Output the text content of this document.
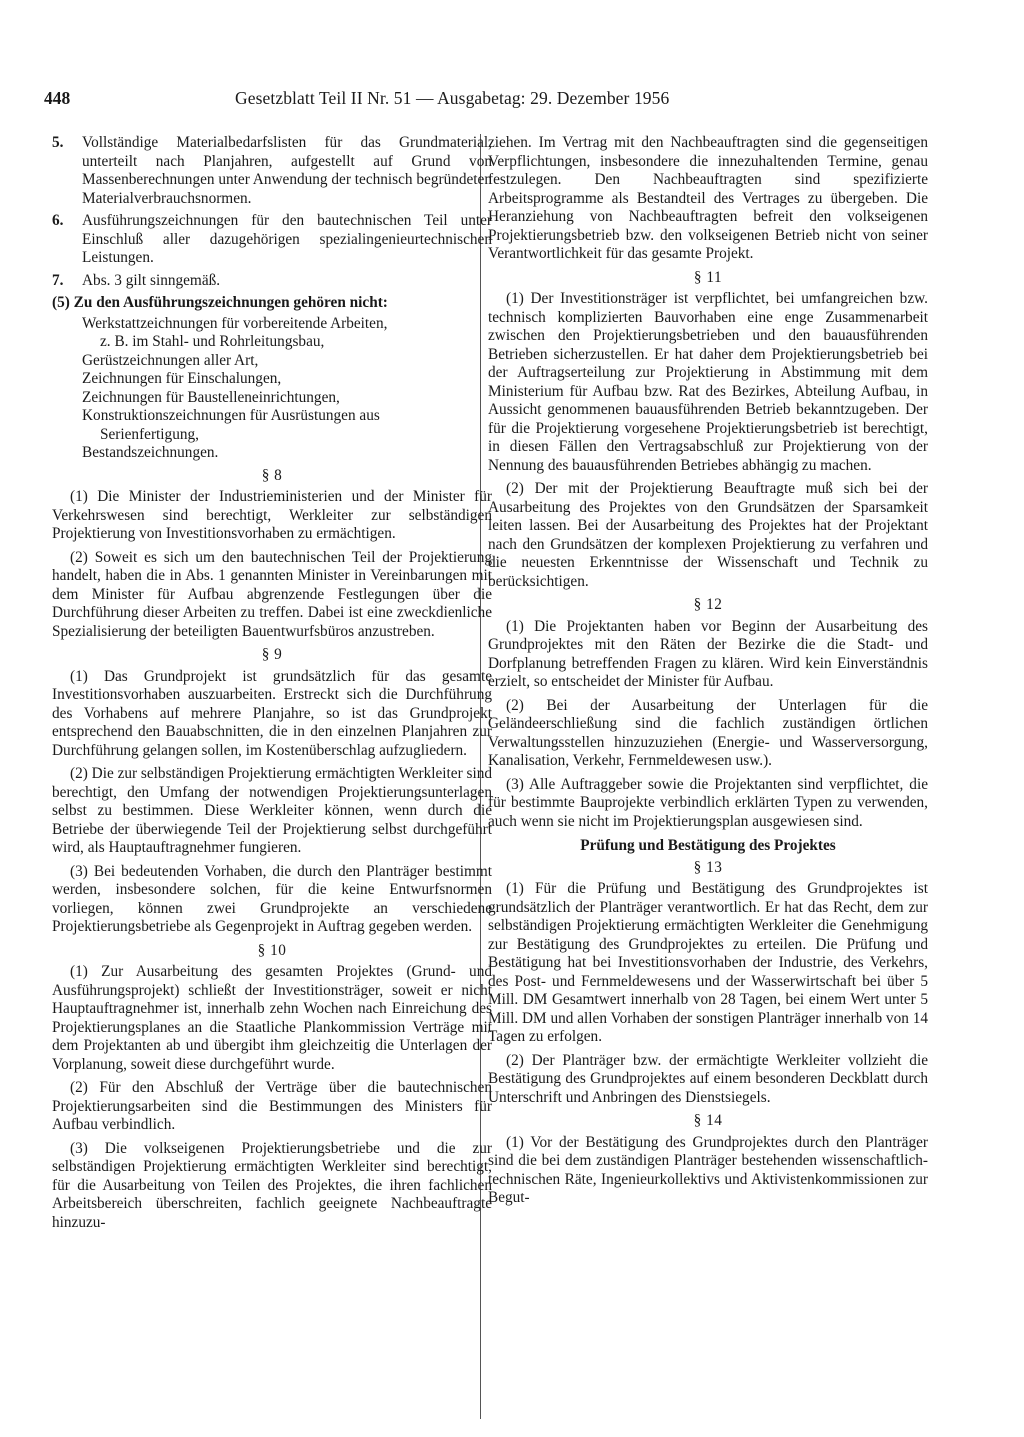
448	Gesetzblatt Teil II Nr. 51 — Ausgabetag: 29. Dezember 1956
5. Vollständige Materialbedarfslisten für das Grundmaterial, unterteilt nach Planjahren, aufgestellt auf Grund von Massenberechnungen unter Anwendung der technisch begründeten Materialverbrauchsnormen.
6. Ausführungszeichnungen für den bautechnischen Teil unter Einschluß aller dazugehörigen spezialingenieurtechnischen Leistungen.
7. Abs. 3 gilt sinngemäß.
(5) Zu den Ausführungszeichnungen gehören nicht:
Werkstattzeichnungen für vorbereitende Arbeiten,
z. B. im Stahl- und Rohrleitungsbau,
Gerüstzeichnungen aller Art,
Zeichnungen für Einschalungen,
Zeichnungen für Baustelleneinrichtungen,
Konstruktionszeichnungen für Ausrüstungen aus
Serienfertigung,
Bestandszeichnungen.
§ 8

(1) Die Minister der Industrieministerien und der Minister für Verkehrswesen sind berechtigt, Werkleiter zur selbständigen Projektierung von Investitionsvorhaben zu ermächtigen.

(2) Soweit es sich um den bautechnischen Teil der Projektierung handelt, haben die in Abs. 1 genannten Minister in Vereinbarungen mit dem Minister für Aufbau abgrenzende Festlegungen über die Durchführung dieser Arbeiten zu treffen. Dabei ist eine zweckdienliche Spezialisierung der beteiligten Bauentwurfsbüros anzustreben.

§ 9

(1) Das Grundprojekt ist grundsätzlich für das gesamte Investitionsvorhaben auszuarbeiten. Erstreckt sich die Durchführung des Vorhabens auf mehrere Planjahre, so ist das Grundprojekt entsprechend den Bauabschnitten, die in den einzelnen Planjahren zur Durchführung gelangen sollen, im Kostenüberschlag aufzugliedern.

(2) Die zur selbständigen Projektierung ermächtigten Werkleiter sind berechtigt, den Umfang der notwendigen Projektierungsunterlagen selbst zu bestimmen. Diese Werkleiter können, wenn durch die Betriebe der überwiegende Teil der Projektierung selbst durchgeführt wird, als Hauptauftragnehmer fungieren.

(3) Bei bedeutenden Vorhaben, die durch den Planträger bestimmt werden, insbesondere solchen, für die keine Entwurfsnormen vorliegen, können zwei Grundprojekte an verschiedene Projektierungsbetriebe als Gegenprojekt in Auftrag gegeben werden.

§ 10

(1) Zur Ausarbeitung des gesamten Projektes (Grund- und Ausführungsprojekt) schließt der Investitionsträger, soweit er nicht Hauptauftragnehmer ist, innerhalb zehn Wochen nach Einreichung des Projektierungsplanes an die Staatliche Plankommission Verträge mit dem Projektanten ab und übergibt ihm gleichzeitig die Unterlagen der Vorplanung, soweit diese durchgeführt wurde.

(2) Für den Abschluß der Verträge über die bautechnischen Projektierungsarbeiten sind die Bestimmungen des Ministers für Aufbau verbindlich.

(3) Die volkseigenen Projektierungsbetriebe und die zur selbständigen Projektierung ermächtigten Werkleiter sind berechtigt, für die Ausarbeitung von Teilen des Projektes, die ihren fachlichen Arbeitsbereich überschreiten, fachlich geeignete Nachbeauftragte hinzuzu-

ziehen. Im Vertrag mit den Nachbeauftragten sind die gegenseitigen Verpflichtungen, insbesondere die innezuhaltenden Termine, genau festzulegen. Den Nachbeauftragten sind spezifizierte Arbeitsprogramme als Bestandteil des Vertrages zu übergeben. Die Heranziehung von Nachbeauftragten befreit den volkseigenen Projektierungsbetrieb bzw. den volkseigenen Betrieb nicht von seiner Verantwortlichkeit für das gesamte Projekt.

§ 11

(1) Der Investitionsträger ist verpflichtet, bei umfangreichen bzw. technisch komplizierten Bauvorhaben eine enge Zusammenarbeit zwischen den Projektierungsbetrieben und den bauausführenden Betrieben sicherzustellen. Er hat daher dem Projektierungsbetrieb bei der Auftragserteilung zur Projektierung in Abstimmung mit dem Ministerium für Aufbau bzw. Rat des Bezirkes, Abteilung Aufbau, in Aussicht genommenen bauausführenden Betrieb bekanntzugeben. Der für die Projektierung vorgesehene Projektierungsbetrieb ist berechtigt, in diesen Fällen den Vertragsabschluß zur Projektierung von der Nennung des bauausführenden Betriebes abhängig zu machen.

(2) Der mit der Projektierung Beauftragte muß sich bei der Ausarbeitung des Projektes von den Grundsätzen der Sparsamkeit leiten lassen. Bei der Ausarbeitung des Projektes hat der Projektant nach den Grundsätzen der komplexen Projektierung zu verfahren und die neuesten Erkenntnisse der Wissenschaft und Technik zu berücksichtigen.

§ 12

(1) Die Projektanten haben vor Beginn der Ausarbeitung des Grundprojektes mit den Räten der Bezirke die die Stadt- und Dorfplanung betreffenden Fragen zu klären. Wird kein Einverständnis erzielt, so entscheidet der Minister für Aufbau.

(2) Bei der Ausarbeitung der Unterlagen für die Geländeerschließung sind die fachlich zuständigen örtlichen Verwaltungsstellen hinzuzuziehen (Energie- und Wasserversorgung, Kanalisation, Verkehr, Fernmeldewesen usw.).

(3) Alle Auftraggeber sowie die Projektanten sind verpflichtet, die für bestimmte Bauprojekte verbindlich erklärten Typen zu verwenden, auch wenn sie nicht im Projektierungsplan ausgewiesen sind.

Prüfung und Bestätigung des Projektes
§ 13

(1) Für die Prüfung und Bestätigung des Grundprojektes ist grundsätzlich der Planträger verantwortlich. Er hat das Recht, dem zur selbständigen Projektierung ermächtigten Werkleiter die Genehmigung zur Bestätigung des Grundprojektes zu erteilen. Die Prüfung und Bestätigung hat bei Investitionsvorhaben der Industrie, des Verkehrs, des Post- und Fernmeldewesens und der Wasserwirtschaft bei über 5 Mill. DM Gesamtwert innerhalb von 28 Tagen, bei einem Wert unter 5 Mill. DM und allen Vorhaben der sonstigen Planträger innerhalb von 14 Tagen zu erfolgen.

(2) Der Planträger bzw. der ermächtigte Werkleiter vollzieht die Bestätigung des Grundprojektes auf einem besonderen Deckblatt durch Unterschrift und Anbringen des Dienstsiegels.

§ 14

(1) Vor der Bestätigung des Grundprojektes durch den Planträger sind die bei dem zuständigen Planträger bestehenden wissenschaftlich-technischen Räte, Ingenieurkollektivs und Aktivistenkommissionen zur Begut-
